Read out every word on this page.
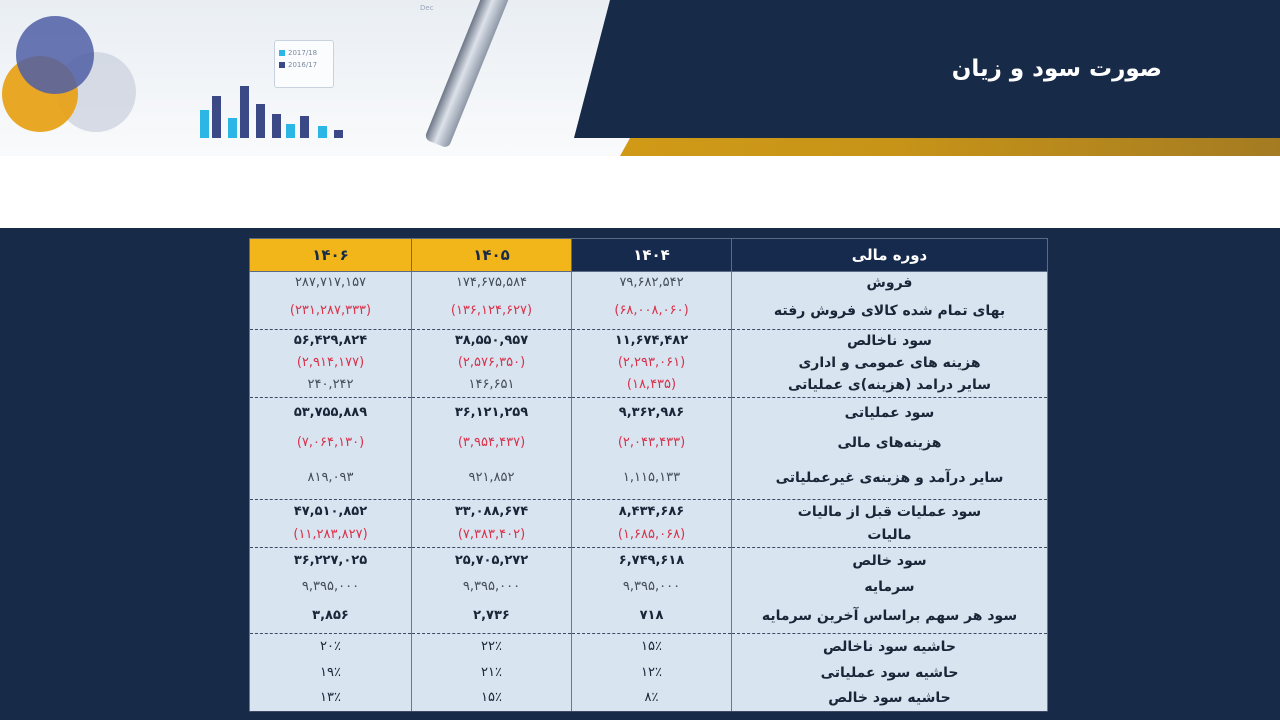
2017/18
2016/17
Dec
صورت سود و زیان
دوره مالی	۱۴۰۴	۱۴۰۵	۱۴۰۶
فروش	۷۹,۶۸۲,۵۴۲	۱۷۴,۶۷۵,۵۸۴	۲۸۷,۷۱۷,۱۵۷
بهای تمام شده کالای فروش رفته	(۶۸,۰۰۸,۰۶۰)	(۱۳۶,۱۲۴,۶۲۷)	(۲۳۱,۲۸۷,۳۳۳)
سود ناخالص	۱۱,۶۷۴,۴۸۲	۳۸,۵۵۰,۹۵۷	۵۶,۴۲۹,۸۲۴
هزینه های عمومی و اداری	(۲,۲۹۳,۰۶۱)	(۲,۵۷۶,۳۵۰)	(۲,۹۱۴,۱۷۷)
سایر درامد (هزینه)ی عملیاتی	(۱۸,۴۳۵)	۱۴۶,۶۵۱	۲۴۰,۲۴۲
سود عملیاتی	۹,۳۶۲,۹۸۶	۳۶,۱۲۱,۲۵۹	۵۳,۷۵۵,۸۸۹
هزینه‌های مالی	(۲,۰۴۳,۴۳۳)	(۳,۹۵۴,۴۳۷)	(۷,۰۶۴,۱۳۰)
سایر درآمد و هزینه‌ی غیرعملیاتی	۱,۱۱۵,۱۳۳	۹۲۱,۸۵۲	۸۱۹,۰۹۳
سود عملیات قبل از مالیات	۸,۴۳۴,۶۸۶	۳۳,۰۸۸,۶۷۴	۴۷,۵۱۰,۸۵۲
مالیات	(۱,۶۸۵,۰۶۸)	(۷,۳۸۳,۴۰۲)	(۱۱,۲۸۳,۸۲۷)
سود خالص	۶,۷۴۹,۶۱۸	۲۵,۷۰۵,۲۷۲	۳۶,۲۲۷,۰۲۵
سرمایه	۹,۳۹۵,۰۰۰	۹,۳۹۵,۰۰۰	۹,۳۹۵,۰۰۰
سود هر سهم براساس آخرین سرمایه	۷۱۸	۲,۷۳۶	۳,۸۵۶
حاشیه سود ناخالص	۱۵٪	۲۲٪	۲۰٪
حاشیه سود عملیاتی	۱۲٪	۲۱٪	۱۹٪
حاشیه سود خالص	۸٪	۱۵٪	۱۳٪
